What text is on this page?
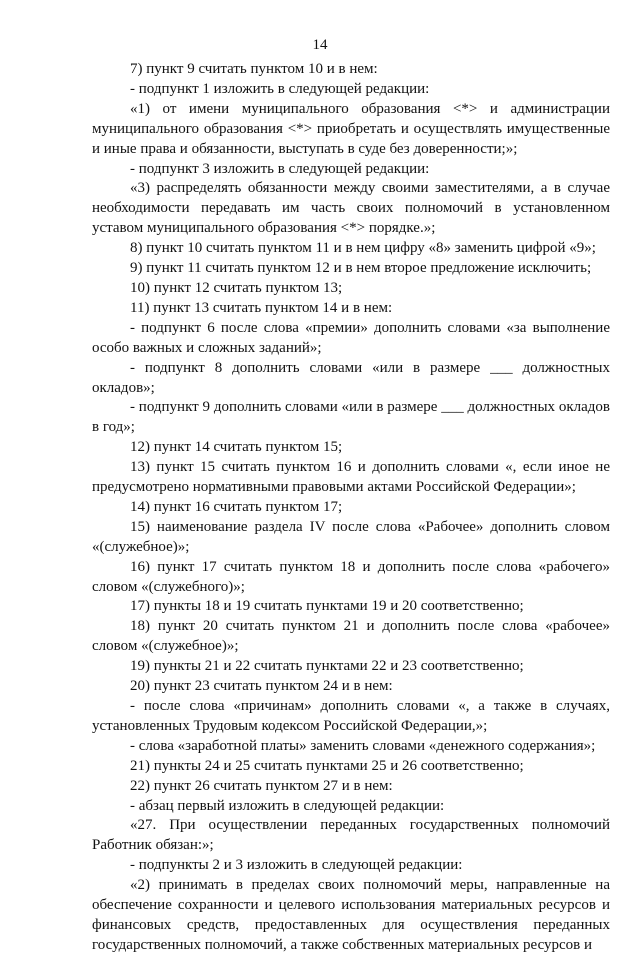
14

7) пункт 9 считать пунктом 10 и в нем:

- подпункт 1 изложить в следующей редакции:

«1) от имени муниципального образования <*> и администрации муниципального образования <*> приобретать и осуществлять имущественные и иные права и обязанности, выступать в суде без доверенности;»;

- подпункт 3 изложить в следующей редакции:

«3) распределять обязанности между своими заместителями, а в случае необходимости передавать им часть своих полномочий в установленном уставом муниципального образования <*> порядке.»;

8) пункт 10 считать пунктом 11 и в нем цифру «8» заменить цифрой «9»;

9) пункт 11 считать пунктом 12 и в нем второе предложение исключить;

10) пункт 12 считать пунктом 13;

11) пункт 13 считать пунктом 14 и в нем:

- подпункт 6 после слова «премии» дополнить словами «за выполнение особо важных и сложных заданий»;

- подпункт 8 дополнить словами «или в размере ___ должностных окладов»;

- подпункт 9 дополнить словами «или в размере ___ должностных окладов в год»;

12) пункт 14 считать пунктом 15;

13) пункт 15 считать пунктом 16 и дополнить словами «, если иное не предусмотрено нормативными правовыми актами Российской Федерации»;

14) пункт 16 считать пунктом 17;

15) наименование раздела IV после слова «Рабочее» дополнить словом «(служебное)»;

16) пункт 17 считать пунктом 18 и дополнить после слова «рабочего» словом «(служебного)»;

17) пункты 18 и 19 считать пунктами 19 и 20 соответственно;

18) пункт 20 считать пунктом 21 и дополнить после слова «рабочее» словом «(служебное)»;

19) пункты 21 и 22 считать пунктами 22 и 23 соответственно;

20) пункт 23 считать пунктом 24 и в нем:

- после слова «причинам» дополнить словами «, а также в случаях, установленных Трудовым кодексом Российской Федерации,»;

- слова «заработной платы» заменить словами «денежного содержания»;

21) пункты 24 и 25 считать пунктами 25 и 26 соответственно;

22) пункт 26 считать пунктом 27 и в нем:

- абзац первый изложить в следующей редакции:

«27. При осуществлении переданных государственных полномочий Работник обязан:»;

- подпункты 2 и 3 изложить в следующей редакции:

«2) принимать в пределах своих полномочий меры, направленные на обеспечение сохранности и целевого использования материальных ресурсов и финансовых средств, предоставленных для осуществления переданных государственных полномочий, а также собственных материальных ресурсов и
